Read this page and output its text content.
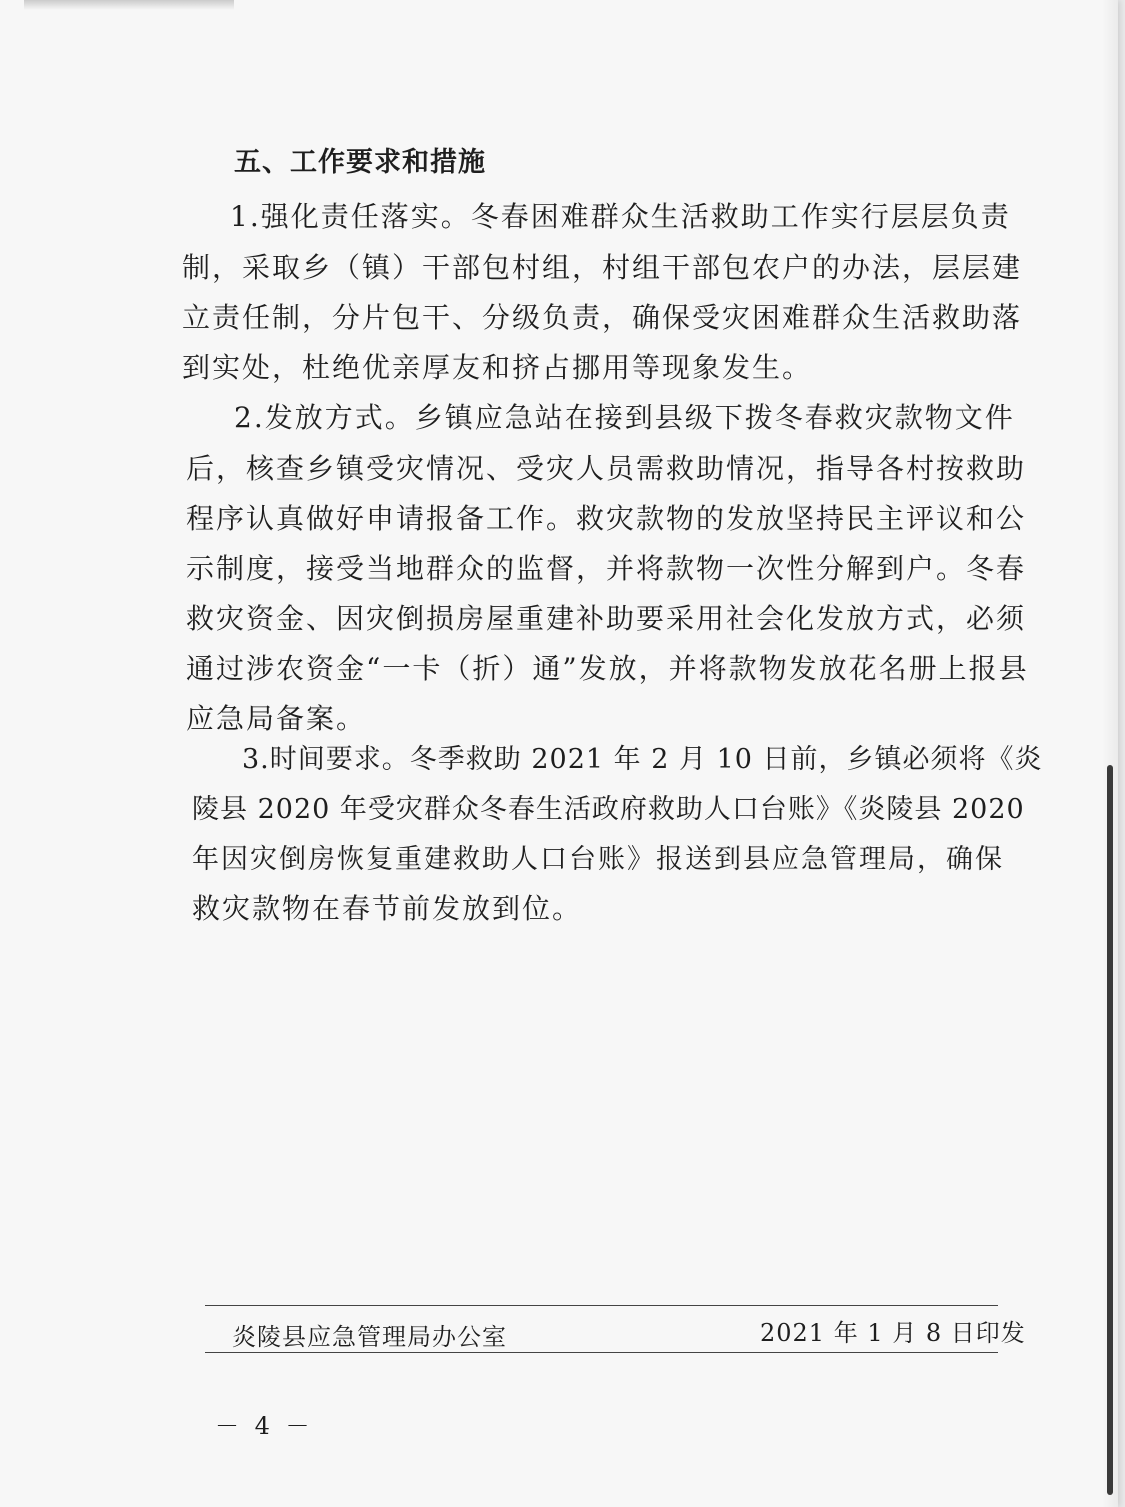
五、工作要求和措施
1.强化责任落实。冬春困难群众生活救助工作实行层层负责
制，采取乡（镇）干部包村组，村组干部包农户的办法，层层建
立责任制，分片包干、分级负责，确保受灾困难群众生活救助落
到实处，杜绝优亲厚友和挤占挪用等现象发生。
2.发放方式。乡镇应急站在接到县级下拨冬春救灾款物文件
后，核查乡镇受灾情况、受灾人员需救助情况，指导各村按救助
程序认真做好申请报备工作。救灾款物的发放坚持民主评议和公
示制度，接受当地群众的监督，并将款物一次性分解到户。冬春
救灾资金、因灾倒损房屋重建补助要采用社会化发放方式，必须
通过涉农资金“一卡（折）通”发放，并将款物发放花名册上报县
应急局备案。
3.时间要求。冬季救助 2021 年 2 月 10 日前，乡镇必须将《炎
陵县 2020 年受灾群众冬春生活政府救助人口台账》《炎陵县 2020
年因灾倒房恢复重建救助人口台账》报送到县应急管理局，确保
救灾款物在春节前发放到位。
炎陵县应急管理局办公室	2021 年 1 月 8 日印发
－ 4 －
